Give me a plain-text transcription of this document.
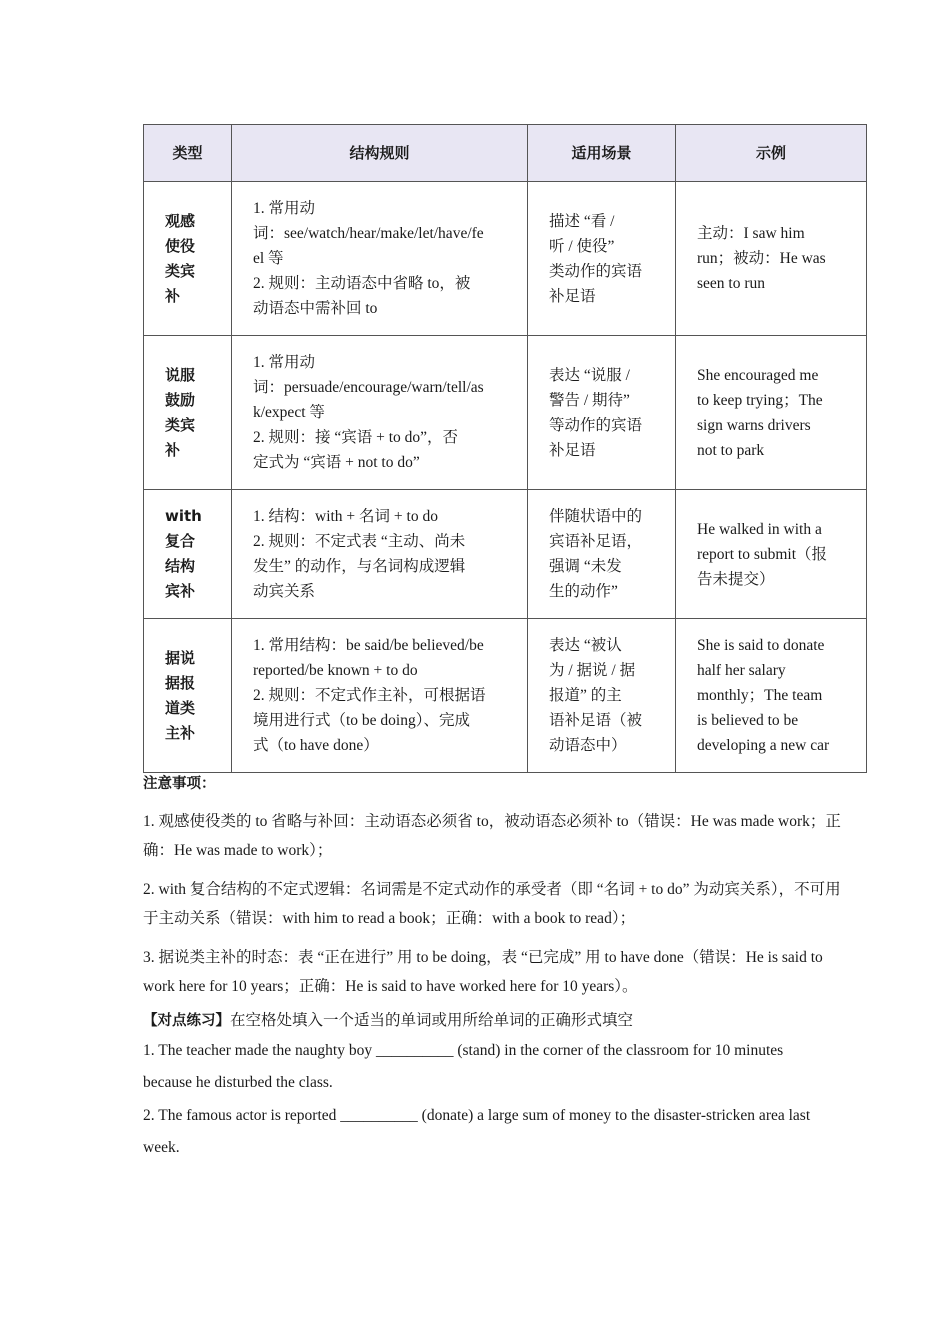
类型	结构规则	适用场景	示例

观感
使役
类宾
补	1. 常用动
词：see/watch/hear/make/let/have/fe
el 等
2. 规则：主动语态中省略 to，被
动语态中需补回 to	描述 “看 /
听 / 使役”
类动作的宾语
补足语	主动：I saw him
run；被动：He was
seen to run

说服
鼓励
类宾
补	1. 常用动
词：persuade/encourage/warn/tell/as
k/expect 等
2. 规则：接 “宾语 + to do”，否
定式为 “宾语 + not to do”	表达 “说服 /
警告 / 期待”
等动作的宾语
补足语	She encouraged me
to keep trying；The
sign warns drivers
not to park

with
复合
结构
宾补	1. 结构：with + 名词 + to do
2. 规则：不定式表 “主动、尚未
发生” 的动作，与名词构成逻辑
动宾关系	伴随状语中的
宾语补足语，
强调 “未发
生的动作”	He walked in with a
report to submit（报
告未提交）

据说
据报
道类
主补	1. 常用结构：be said/be believed/be
reported/be known + to do
2. 规则：不定式作主补，可根据语
境用进行式（to be doing）、完成
式（to have done）	表达 “被认
为 / 据说 / 据
报道” 的主
语补足语（被
动语态中）	She is said to donate
half her salary
monthly；The team
is believed to be
developing a new car

注意事项：

1. 观感使役类的 to 省略与补回：主动语态必须省 to，被动语态必须补 to（错误：He was made work；正确：He was made to work）；

2. with 复合结构的不定式逻辑：名词需是不定式动作的承受者（即 “名词 + to do” 为动宾关系），不可用于主动关系（错误：with him to read a book；正确：with a book to read）；

3. 据说类主补的时态：表 “正在进行” 用 to be doing，表 “已完成” 用 to have done（错误：He is said to work here for 10 years；正确：He is said to have worked here for 10 years）。

【对点练习】在空格处填入一个适当的单词或用所给单词的正确形式填空
1. The teacher made the naughty boy __________ (stand) in the corner of the classroom for 10 minutes because he disturbed the class.
2. The famous actor is reported __________ (donate) a large sum of money to the disaster-stricken area last week.
